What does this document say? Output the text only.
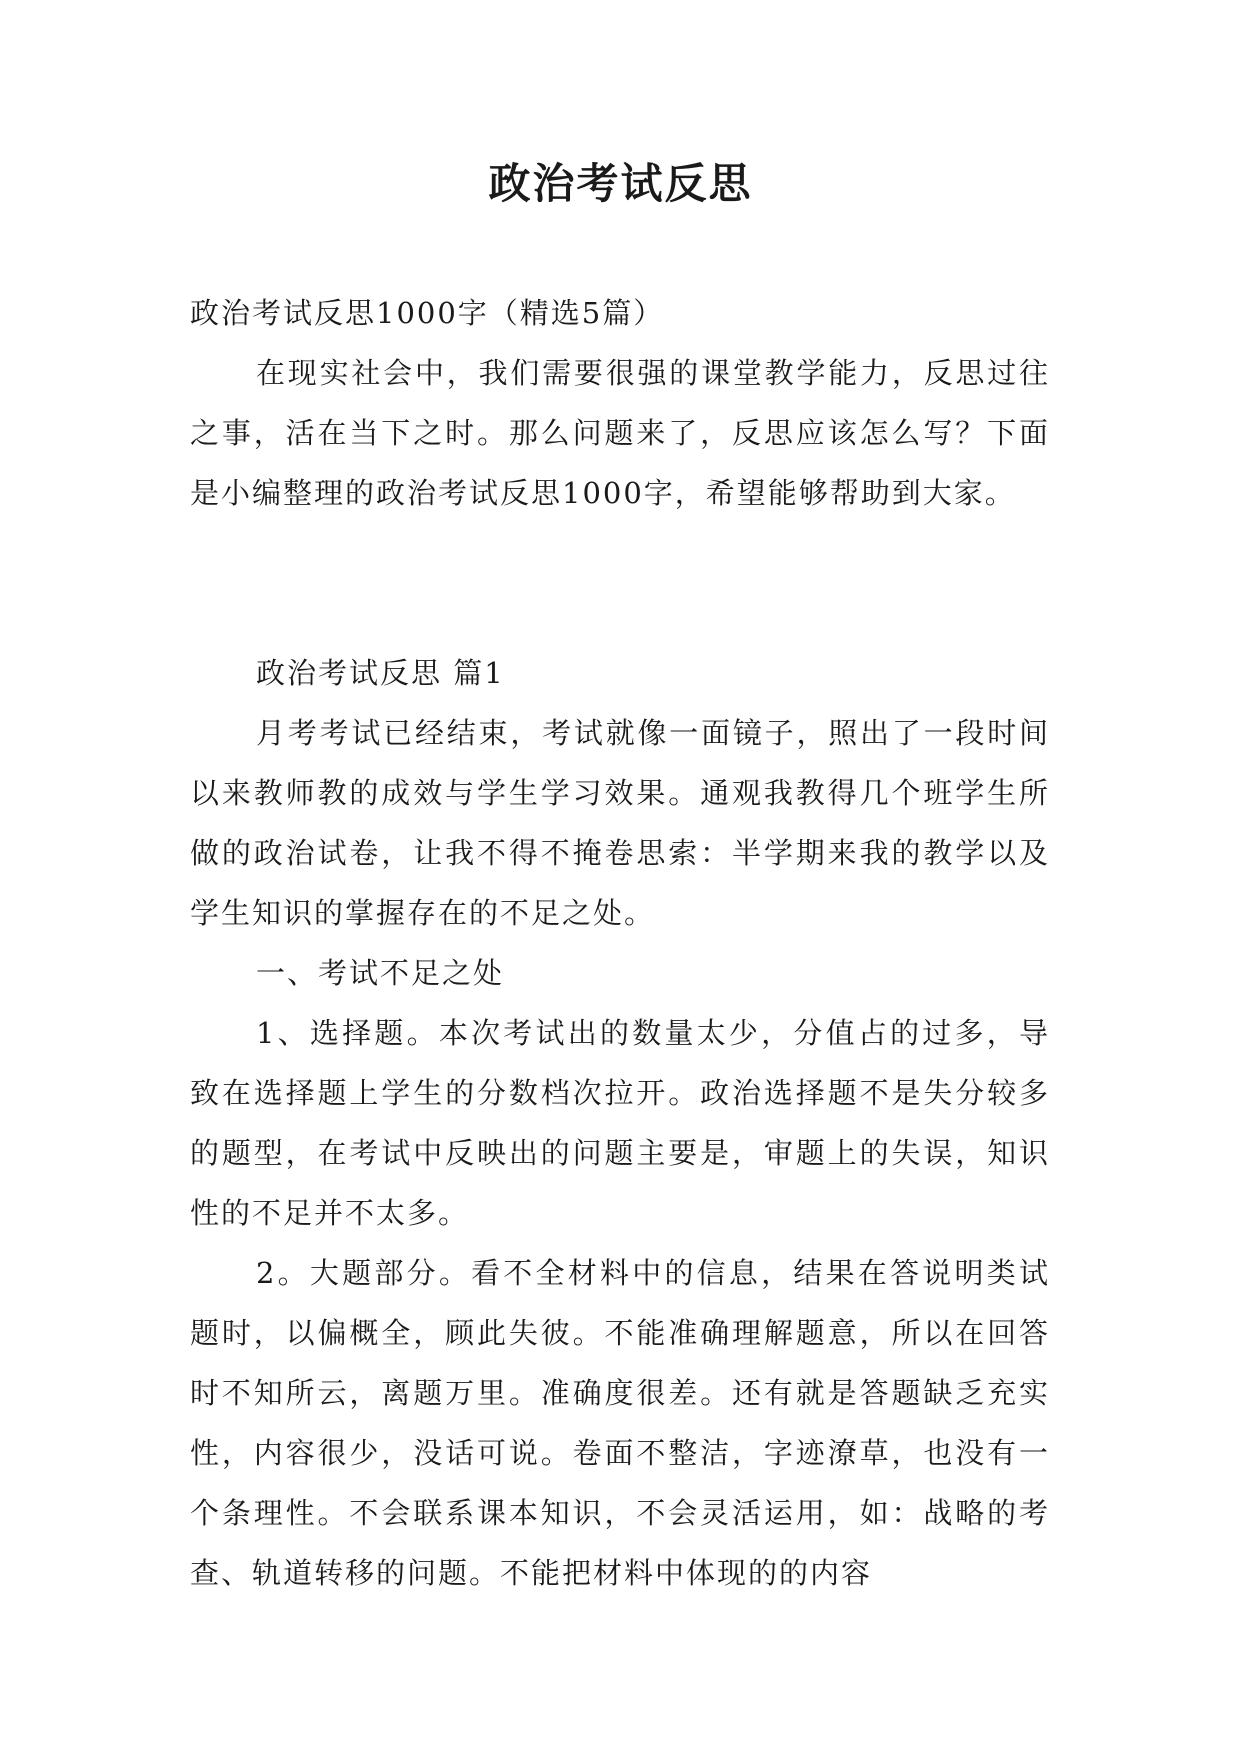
政治考试反思

政治考试反思1000字（精选5篇）

在现实社会中，我们需要很强的课堂教学能力，反思过往之事，活在当下之时。那么问题来了，反思应该怎么写？下面是小编整理的政治考试反思1000字，希望能够帮助到大家。

政治考试反思 篇1

月考考试已经结束，考试就像一面镜子，照出了一段时间以来教师教的成效与学生学习效果。通观我教得几个班学生所做的政治试卷，让我不得不掩卷思索：半学期来我的教学以及学生知识的掌握存在的不足之处。

一、考试不足之处

1、选择题。本次考试出的数量太少，分值占的过多，导致在选择题上学生的分数档次拉开。政治选择题不是失分较多的题型，在考试中反映出的问题主要是，审题上的失误，知识性的不足并不太多。

2。大题部分。看不全材料中的信息，结果在答说明类试题时，以偏概全，顾此失彼。不能准确理解题意，所以在回答时不知所云，离题万里。准确度很差。还有就是答题缺乏充实性，内容很少，没话可说。卷面不整洁，字迹潦草，也没有一个条理性。不会联系课本知识，不会灵活运用，如：战略的考查、轨道转移的问题。不能把材料中体现的的内容
